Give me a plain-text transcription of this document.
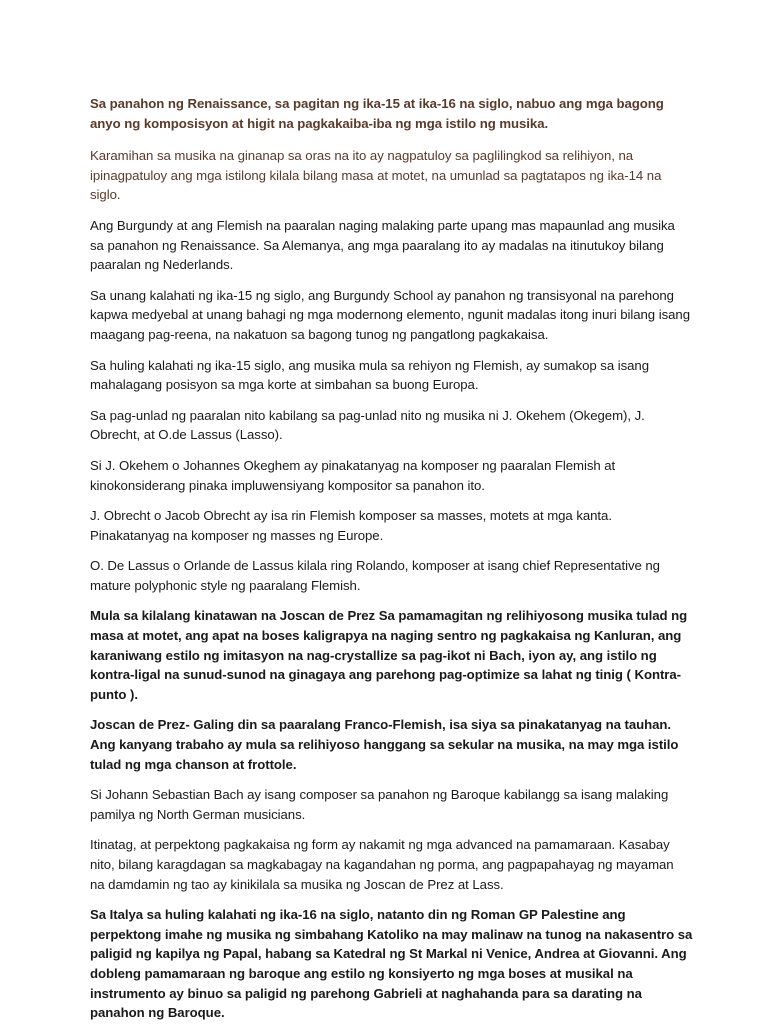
Sa panahon ng Renaissance, sa pagitan ng ika-15 at ika-16 na siglo, nabuo ang mga bagong anyo ng komposisyon at higit na pagkakaiba-iba ng mga istilo ng musika.

Karamihan sa musika na ginanap sa oras na ito ay nagpatuloy sa paglilingkod sa relihiyon, na ipinagpatuloy ang mga istilong kilala bilang masa at motet, na umunlad sa pagtatapos ng ika-14 na siglo.

Ang Burgundy at ang Flemish na paaralan naging malaking parte upang mas mapaunlad ang musika sa panahon ng Renaissance. Sa Alemanya, ang mga paaralang ito ay madalas na itinutukoy bilang paaralan ng Nederlands.

Sa unang kalahati ng ika-15 ng siglo, ang Burgundy School ay panahon ng transisyonal na parehong kapwa medyebal at unang bahagi ng mga modernong elemento, ngunit madalas itong inuri bilang isang maagang pag-reena, na nakatuon sa bagong tunog ng pangatlong pagkakaisa.

Sa huling kalahati ng ika-15 siglo, ang musika mula sa rehiyon ng Flemish, ay sumakop sa isang mahalagang posisyon sa mga korte at simbahan sa buong Europa.

Sa pag-unlad ng paaralan nito kabilang sa pag-unlad nito ng musika ni J. Okehem (Okegem), J. Obrecht, at O.de Lassus (Lasso).

Si J. Okehem o Johannes Okeghem ay pinakatanyag na komposer ng paaralan Flemish at kinokonsiderang pinaka impluwensiyang kompositor sa panahon ito.

J. Obrecht o Jacob Obrecht ay isa rin Flemish komposer sa masses, motets at mga kanta. Pinakatanyag na komposer ng masses ng Europe.

O. De Lassus o Orlande de Lassus kilala ring Rolando, komposer at isang chief Representative ng mature polyphonic style ng paaralang Flemish.

Mula sa kilalang kinatawan na Joscan de Prez Sa pamamagitan ng relihiyosong musika tulad ng masa at motet, ang apat na boses kaligrapya na naging sentro ng pagkakaisa ng Kanluran, ang karaniwang estilo ng imitasyon na nag-crystallize sa pag-ikot ni Bach, iyon ay, ang istilo ng kontra-ligal na sunud-sunod na ginagaya ang parehong pag-optimize sa lahat ng tinig ( Kontra-punto ).

Joscan de Prez- Galing din sa paaralang Franco-Flemish, isa siya sa pinakatanyag na tauhan. Ang kanyang trabaho ay mula sa relihiyoso hanggang sa sekular na musika, na may mga istilo tulad ng mga chanson at frottole.

Si Johann Sebastian Bach ay isang composer sa panahon ng Baroque kabilangg sa isang malaking pamilya ng North German musicians.

Itinatag, at perpektong pagkakaisa ng form ay nakamit ng mga advanced na pamamaraan. Kasabay nito, bilang karagdagan sa magkabagay na kagandahan ng porma, ang pagpapahayag ng mayaman na damdamin ng tao ay kinikilala sa musika ng Joscan de Prez at Lass.

Sa Italya sa huling kalahati ng ika-16 na siglo, natanto din ng Roman GP Palestine ang perpektong imahe ng musika ng simbahang Katoliko na may malinaw na tunog na nakasentro sa paligid ng kapilya ng Papal, habang sa Katedral ng St Markal ni Venice, Andrea at Giovanni. Ang dobleng pamamaraan ng baroque ang estilo ng konsiyerto ng mga boses at musikal na instrumento ay binuo sa paligid ng parehong Gabrieli at naghahanda para sa darating na panahon ng Baroque.
